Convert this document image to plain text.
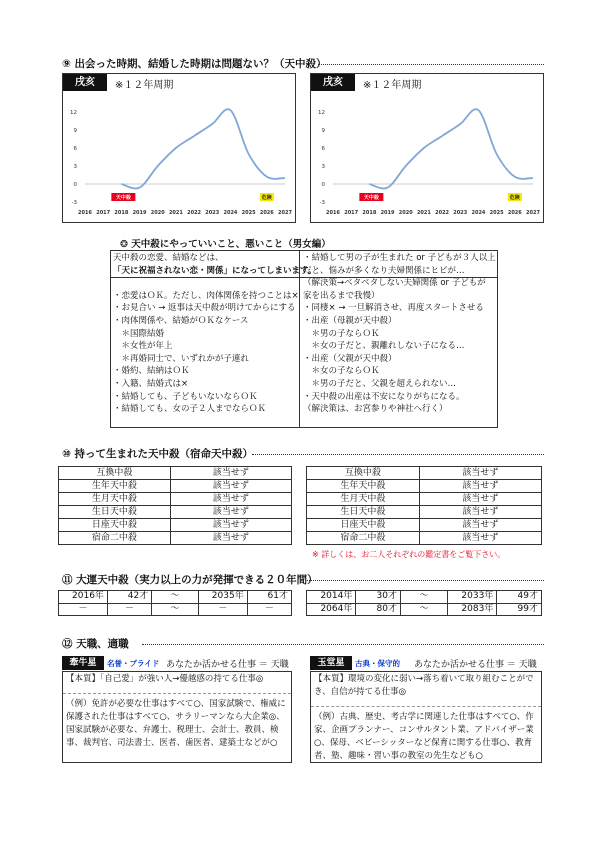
⑨ 出会った時期、結婚した時期は問題ない？（天中殺）
戌亥	※１２年周期
-3
0
3
6
9
12
2016 2017 2018 2019 2020 2021 2022 2023 2024 2025 2026 2027
天中殺	危険
戌亥	※１２年周期
-3
0
3
6
9
12
2016 2017 2018 2019 2020 2021 2022 2023 2024 2025 2026 2027
天中殺	危険
❂ 天中殺にやっていいこと、悪いこと（男女編）
天中殺の恋愛、結婚などは、
「天に祝福されない恋・関係」になってしまいます。
・恋愛はＯＫ。ただし、肉体関係を持つことは×
・お見合い → 返事は天中殺が明けてからにする
・肉体関係や、結婚がＯＫなケース
　＊国際結婚
　＊女性が年上
　＊再婚同士で、いずれかが子連れ
・婚約、結納はＯＫ
・入籍、結婚式は×
・結婚しても、子どもいないならＯＫ
・結婚しても、女の子２人までならＯＫ
・結婚して男の子が生まれた or 子どもが３人以上
だと、悩みが多くなり夫婦関係にヒビが…
（解決策→ベタベタしない夫婦関係 or 子どもが
家を出るまで我慢）
・同棲× → 一旦解消させ、再度スタートさせる
・出産（母親が天中殺）
　＊男の子ならＯＫ
　＊女の子だと、親離れしない子になる…
・出産（父親が天中殺）
　＊女の子ならＯＫ
　＊男の子だと、父親を超えられない…
・天中殺の出産は不安になりがちになる。
（解決策は、お宮参りや神社へ行く）
⑩ 持って生まれた天中殺（宿命天中殺）
互換中殺	該当せず
生年天中殺	該当せず
生月天中殺	該当せず
生日天中殺	該当せず
日座天中殺	該当せず
宿命二中殺	該当せず
互換中殺	該当せず
生年天中殺	該当せず
生月天中殺	該当せず
生日天中殺	該当せず
日座天中殺	該当せず
宿命二中殺	該当せず
※ 詳しくは、お二人それぞれの鑑定書をご覧下さい。
⑪ 大運天中殺（実力以上の力が発揮できる２０年間）
2016年	42才	～	2035年	61才
－	－	～	－	－
2014年	30才	～	2033年	49才
2064年	80才	～	2083年	99才
⑫ 天職、適職
牽牛星	名誉・プライド あなたか活かせる仕事 ＝ 天職
【本質】「自己愛」が強い人→優越感の持てる仕事◎
（例）免許が必要な仕事はすべて○、国家試験で、権威に保護された仕事はすべて○、サラリーマンなら大企業◎、国家試験が必要な、弁護士、税理士、会計士、教員、検事、裁判官、司法書士、医者、歯医者、建築士などが○
玉堂星	古典・保守的 あなたか活かせる仕事 ＝ 天職
【本質】環境の変化に弱い→落ち着いて取り組むことができ、自信が持てる仕事◎
（例）古典、歴史、考古学に関連した仕事はすべて○、作家、企画プランナー、コンサルタント業、アドバイザー業○、保母、ベビーシッターなど保育に関する仕事○、教育者、塾、趣味・習い事の教室の先生なども○
